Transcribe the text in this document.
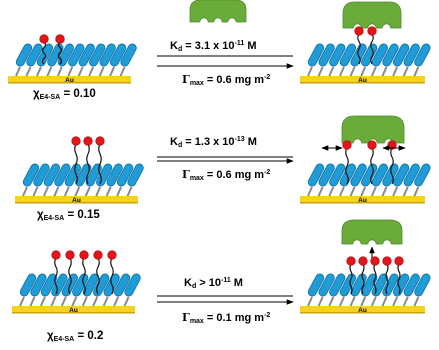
Au	Au
Au	Au
Au	Au
$\chi_{E4-SA} = 0.10$
$K_d = 3.1$ x $10^{-11}$ M
$\Gamma_{max} = 0.6$ mg $m^{-2}$
$\chi_{E4-SA} = 0.15$
$K_d = 1.3$ x $10^{-13}$ M
$\Gamma_{max} = 0.6$ mg $m^{-2}$
$\chi_{E4-SA} = 0.2$
$K_d > 10^{-11}$ M
$\Gamma_{max} = 0.1$ mg $m^{-2}$
